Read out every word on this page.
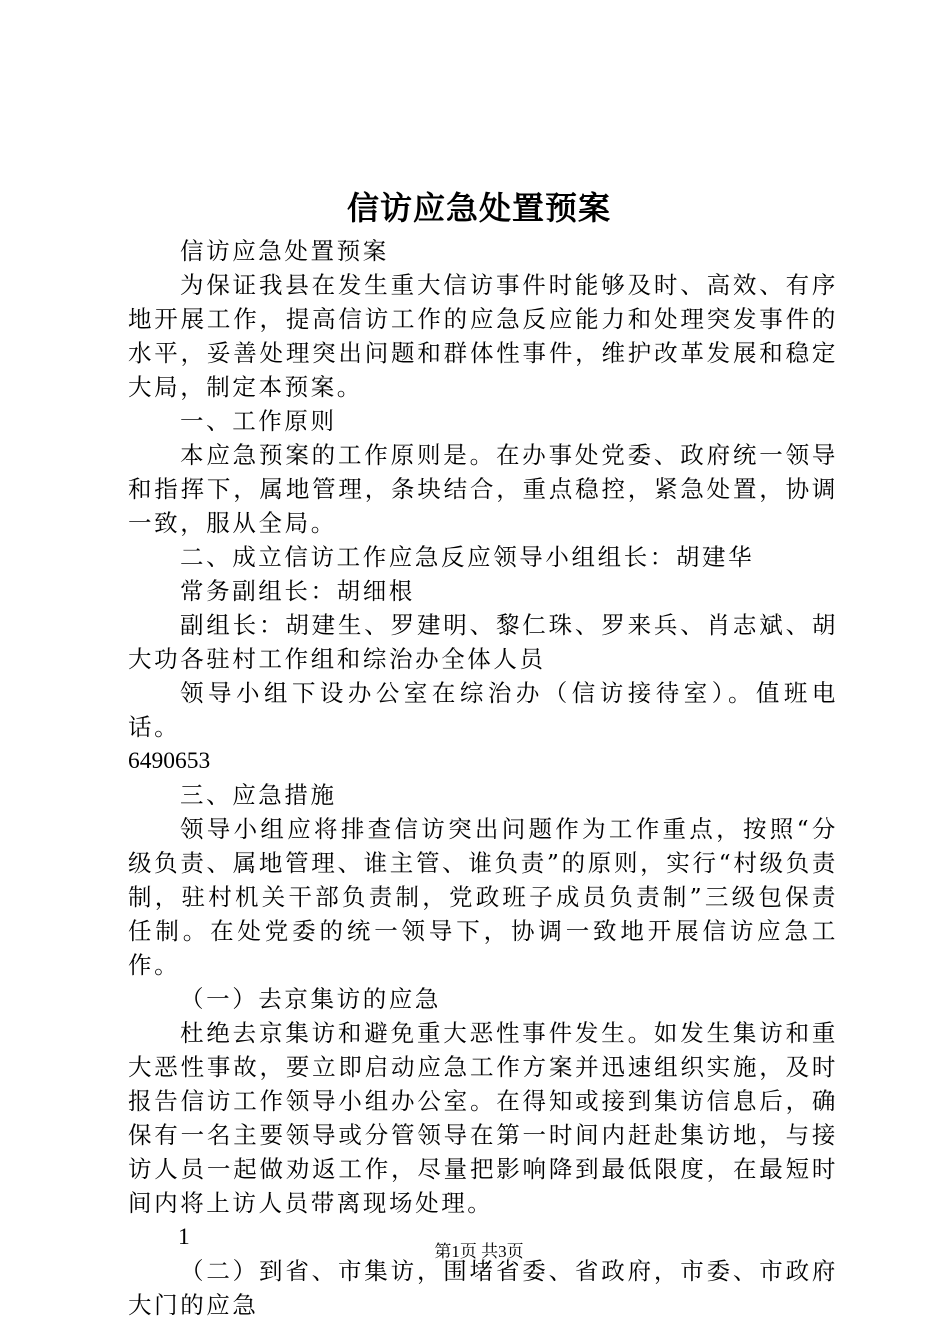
信访应急处置预案

信访应急处置预案

为保证我县在发生重大信访事件时能够及时、高效、有序地开展工作，提高信访工作的应急反应能力和处理突发事件的水平，妥善处理突出问题和群体性事件，维护改革发展和稳定大局，制定本预案。

一、工作原则

本应急预案的工作原则是。在办事处党委、政府统一领导和指挥下，属地管理，条块结合，重点稳控，紧急处置，协调一致，服从全局。

二、成立信访工作应急反应领导小组组长：胡建华

常务副组长：胡细根

副组长：胡建生、罗建明、黎仁珠、罗来兵、肖志斌、胡大功各驻村工作组和综治办全体人员

领导小组下设办公室在综治办（信访接待室）。值班电话。

6490653

三、应急措施

领导小组应将排查信访突出问题作为工作重点，按照“分级负责、属地管理、谁主管、谁负责”的原则，实行“村级负责制，驻村机关干部负责制，党政班子成员负责制”三级包保责任制。在处党委的统一领导下，协调一致地开展信访应急工作。

（一）去京集访的应急

杜绝去京集访和避免重大恶性事件发生。如发生集访和重大恶性事故，要立即启动应急工作方案并迅速组织实施，及时报告信访工作领导小组办公室。在得知或接到集访信息后，确保有一名主要领导或分管领导在第一时间内赶赴集访地，与接访人员一起做劝返工作，尽量把影响降到最低限度，在最短时间内将上访人员带离现场处理。

1

（二）到省、市集访，围堵省委、省政府，市委、市政府大门的应急

第1页 共3页
